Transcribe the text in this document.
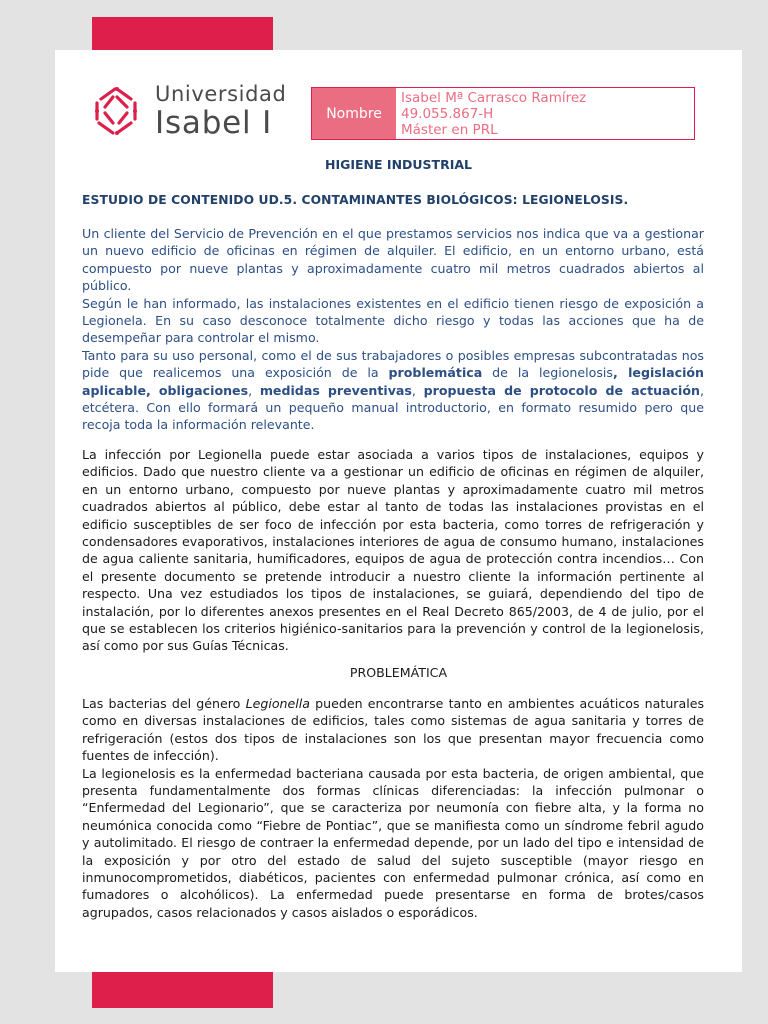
Universidad
Isabel I	Nombre
Isabel Mª Carrasco Ramírez
49.055.867-H
Máster en PRL
HIGIENE INDUSTRIAL
ESTUDIO DE CONTENIDO UD.5. CONTAMINANTES BIOLÓGICOS: LEGIONELOSIS.

Un cliente del Servicio de Prevención en el que prestamos servicios nos indica que va a gestionar un nuevo edificio de oficinas en régimen de alquiler. El edificio, en un entorno urbano, está compuesto por nueve plantas y aproximadamente cuatro mil metros cuadrados abiertos al público.

Según le han informado, las instalaciones existentes en el edificio tienen riesgo de exposición a Legionela. En su caso desconoce totalmente dicho riesgo y todas las acciones que ha de desempeñar para controlar el mismo.

Tanto para su uso personal, como el de sus trabajadores o posibles empresas subcontratadas nos pide que realicemos una exposición de la problemática de la legionelosis, legislación aplicable, obligaciones, medidas preventivas, propuesta de protocolo de actuación, etcétera. Con ello formará un pequeño manual introductorio, en formato resumido pero que recoja toda la información relevante.

La infección por Legionella puede estar asociada a varios tipos de instalaciones, equipos y edificios. Dado que nuestro cliente va a gestionar un edificio de oficinas en régimen de alquiler, en un entorno urbano, compuesto por nueve plantas y aproximadamente cuatro mil metros cuadrados abiertos al público, debe estar al tanto de todas las instalaciones provistas en el edificio susceptibles de ser foco de infección por esta bacteria, como torres de refrigeración y condensadores evaporativos, instalaciones interiores de agua de consumo humano, instalaciones de agua caliente sanitaria, humificadores, equipos de agua de protección contra incendios… Con el presente documento se pretende introducir a nuestro cliente la información pertinente al respecto. Una vez estudiados los tipos de instalaciones, se guiará, dependiendo del tipo de instalación, por lo diferentes anexos presentes en el Real Decreto 865/2003, de 4 de julio, por el que se establecen los criterios higiénico-sanitarios para la prevención y control de la legionelosis, así como por sus Guías Técnicas.
PROBLEMÁTICA

Las bacterias del género Legionella pueden encontrarse tanto en ambientes acuáticos naturales como en diversas instalaciones de edificios, tales como sistemas de agua sanitaria y torres de refrigeración (estos dos tipos de instalaciones son los que presentan mayor frecuencia como fuentes de infección).

La legionelosis es la enfermedad bacteriana causada por esta bacteria, de origen ambiental, que presenta fundamentalmente dos formas clínicas diferenciadas: la infección pulmonar o “Enfermedad del Legionario”, que se caracteriza por neumonía con fiebre alta, y la forma no neumónica conocida como “Fiebre de Pontiac”, que se manifiesta como un síndrome febril agudo y autolimitado. El riesgo de contraer la enfermedad depende, por un lado del tipo e intensidad de la exposición y por otro del estado de salud del sujeto susceptible (mayor riesgo en inmunocomprometidos, diabéticos, pacientes con enfermedad pulmonar crónica, así como en fumadores o alcohólicos). La enfermedad puede presentarse en forma de brotes/casos agrupados, casos relacionados y casos aislados o esporádicos.
